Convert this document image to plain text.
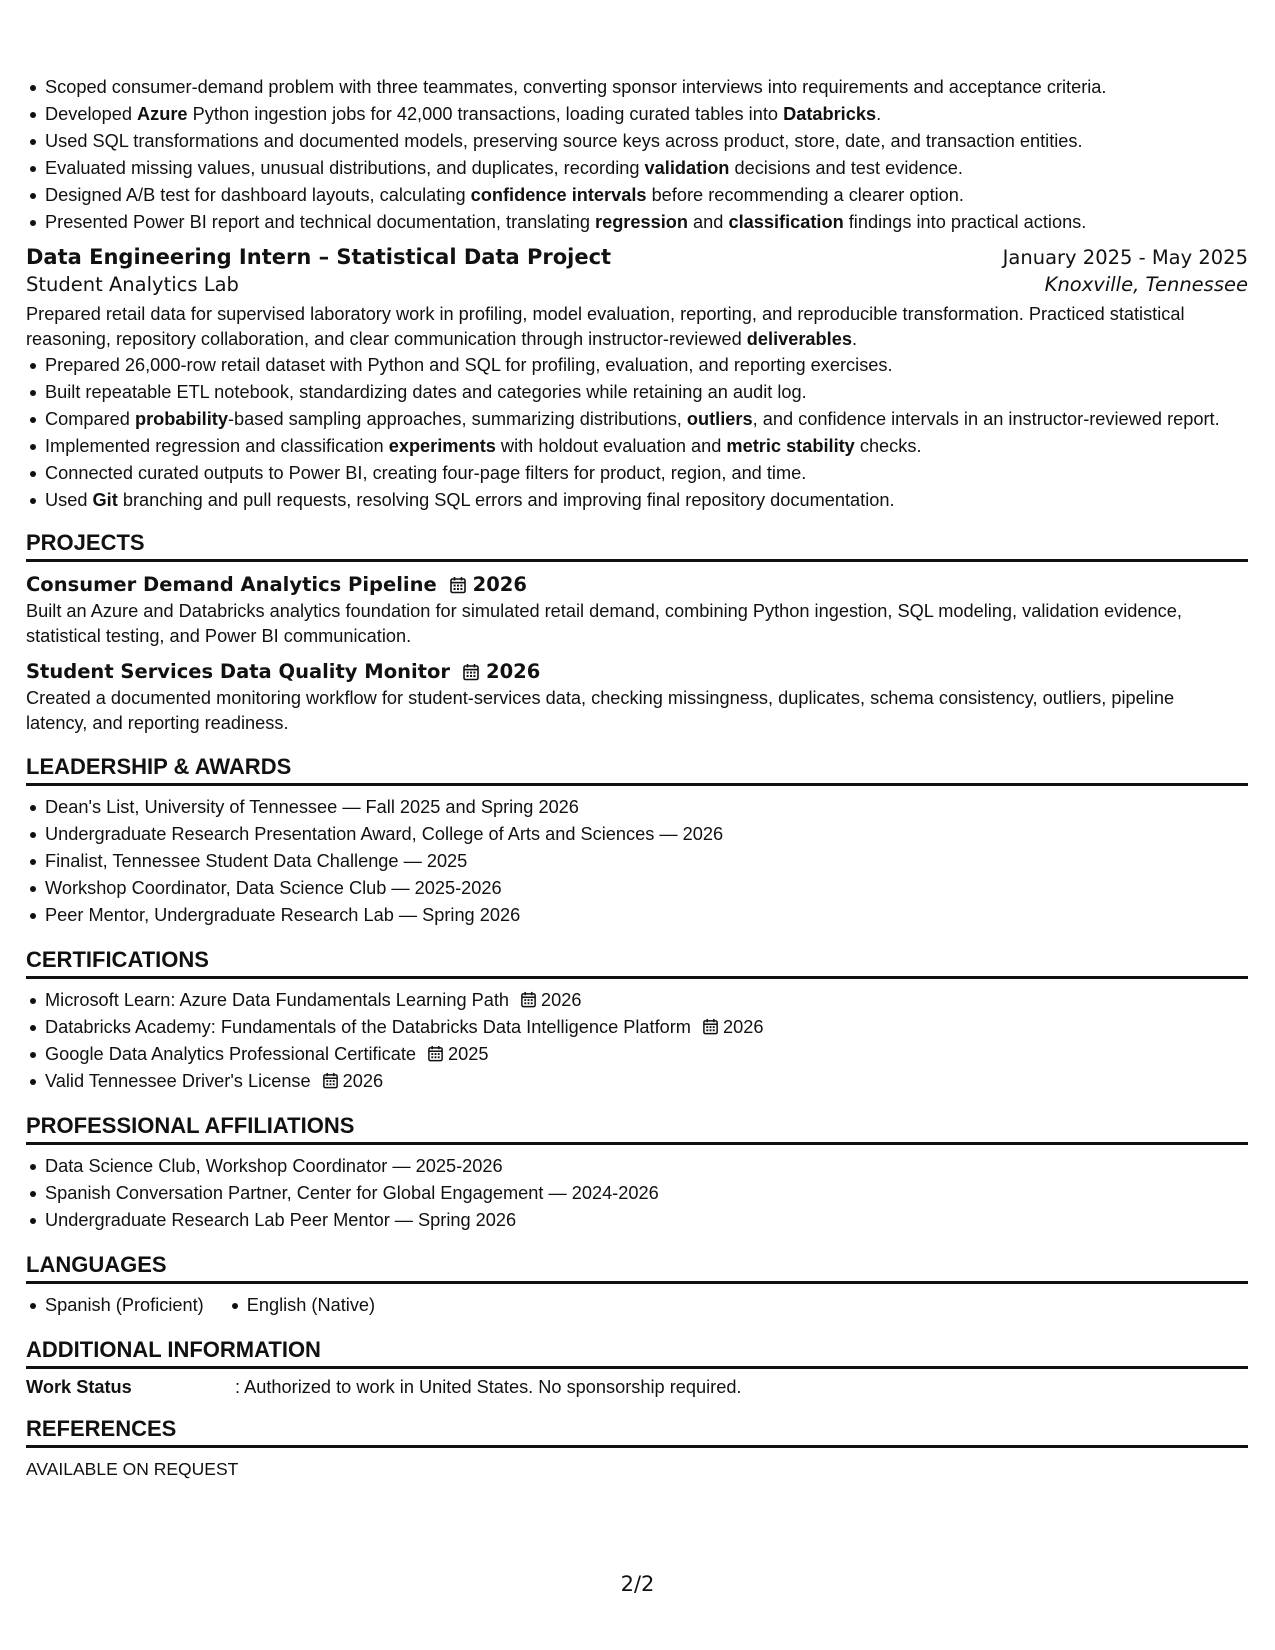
Scoped consumer-demand problem with three teammates, converting sponsor interviews into requirements and acceptance criteria.
Developed Azure Python ingestion jobs for 42,000 transactions, loading curated tables into Databricks.
Used SQL transformations and documented models, preserving source keys across product, store, date, and transaction entities.
Evaluated missing values, unusual distributions, and duplicates, recording validation decisions and test evidence.
Designed A/B test for dashboard layouts, calculating confidence intervals before recommending a clearer option.
Presented Power BI report and technical documentation, translating regression and classification findings into practical actions.
Data Engineering Intern – Statistical Data Project	January 2025 - May 2025
Student Analytics Lab	Knoxville, Tennessee

Prepared retail data for supervised laboratory work in profiling, model evaluation, reporting, and reproducible transformation. Practiced statistical
reasoning, repository collaboration, and clear communication through instructor-reviewed deliverables.

Prepared 26,000-row retail dataset with Python and SQL for profiling, evaluation, and reporting exercises.
Built repeatable ETL notebook, standardizing dates and categories while retaining an audit log.
Compared probability-based sampling approaches, summarizing distributions, outliers, and confidence intervals in an instructor-reviewed report.
Implemented regression and classification experiments with holdout evaluation and metric stability checks.
Connected curated outputs to Power BI, creating four-page filters for product, region, and time.
Used Git branching and pull requests, resolving SQL errors and improving final repository documentation.
PROJECTS
Consumer Demand Analytics Pipeline 2026

Built an Azure and Databricks analytics foundation for simulated retail demand, combining Python ingestion, SQL modeling, validation evidence,
statistical testing, and Power BI communication.

Student Services Data Quality Monitor 2026

Created a documented monitoring workflow for student-services data, checking missingness, duplicates, schema consistency, outliers, pipeline
latency, and reporting readiness.

LEADERSHIP & AWARDS
Dean's List, University of Tennessee — Fall 2025 and Spring 2026
Undergraduate Research Presentation Award, College of Arts and Sciences — 2026
Finalist, Tennessee Student Data Challenge — 2025
Workshop Coordinator, Data Science Club — 2025-2026
Peer Mentor, Undergraduate Research Lab — Spring 2026
CERTIFICATIONS
Microsoft Learn: Azure Data Fundamentals Learning Path 2026
Databricks Academy: Fundamentals of the Databricks Data Intelligence Platform 2026
Google Data Analytics Professional Certificate 2025
Valid Tennessee Driver's License 2026
PROFESSIONAL AFFILIATIONS
Data Science Club, Workshop Coordinator — 2025-2026
Spanish Conversation Partner, Center for Global Engagement — 2024-2026
Undergraduate Research Lab Peer Mentor — Spring 2026
LANGUAGES
Spanish (Proficient)	English (Native)
ADDITIONAL INFORMATION
Work Status	: Authorized to work in United States. No sponsorship required.
REFERENCES
AVAILABLE ON REQUEST
2/2
